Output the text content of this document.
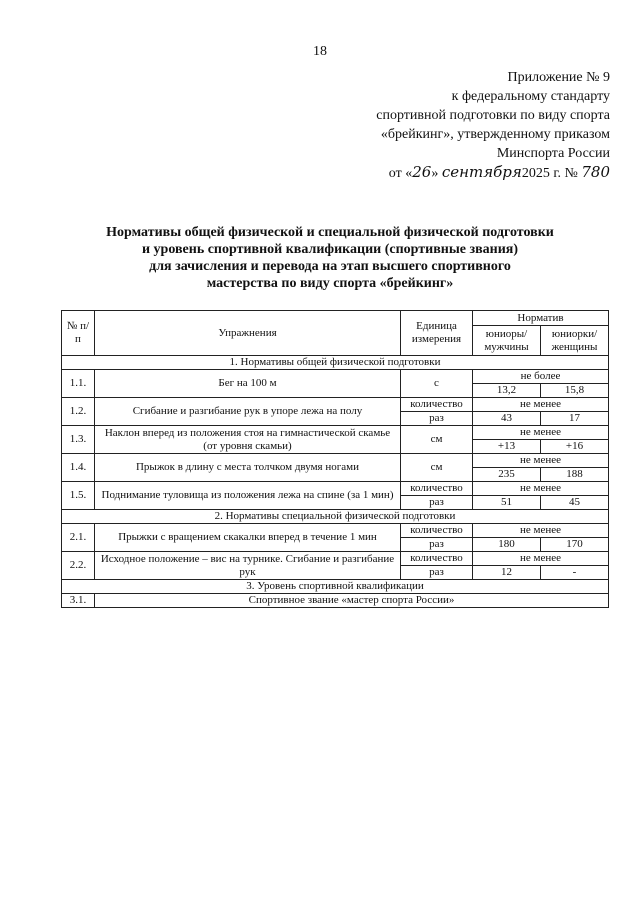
18
Приложение № 9
к федеральному стандарту
спортивной подготовки по виду спорта
«брейкинг», утвержденному приказом
Минспорта России
от «26» сентября2025 г. № 780
Нормативы общей физической и специальной физической подготовки
и уровень спортивной квалификации (спортивные звания)
для зачисления и перевода на этап высшего спортивного
мастерства по виду спорта «брейкинг»
№ п/п	Упражнения	Единица измерения	Норматив	
			юниоры/ мужчины	юниорки/ женщины
1. Нормативы общей физической подготовки				
1.1.	Бег на 100 м	с	не более	
			13,2	15,8
1.2.	Сгибание и разгибание рук в упоре лежа на полу	количество	не менее	
		раз	43	17
1.3.	Наклон вперед из положения стоя на гимнастической скамье (от уровня скамьи)	см	не менее	
			+13	+16
1.4.	Прыжок в длину с места толчком двумя ногами	см	не менее	
			235	188
1.5.	Поднимание туловища из положения лежа на спине (за 1 мин)	количество	не менее	
		раз	51	45
2. Нормативы специальной физической подготовки				
2.1.	Прыжки с вращением скакалки вперед в течение 1 мин	количество	не менее	
		раз	180	170
2.2.	Исходное положение – вис на турнике. Сгибание и разгибание рук	количество	не менее	
		раз	12	-
3. Уровень спортивной квалификации				
3.1.	Спортивное звание «мастер спорта России»			
